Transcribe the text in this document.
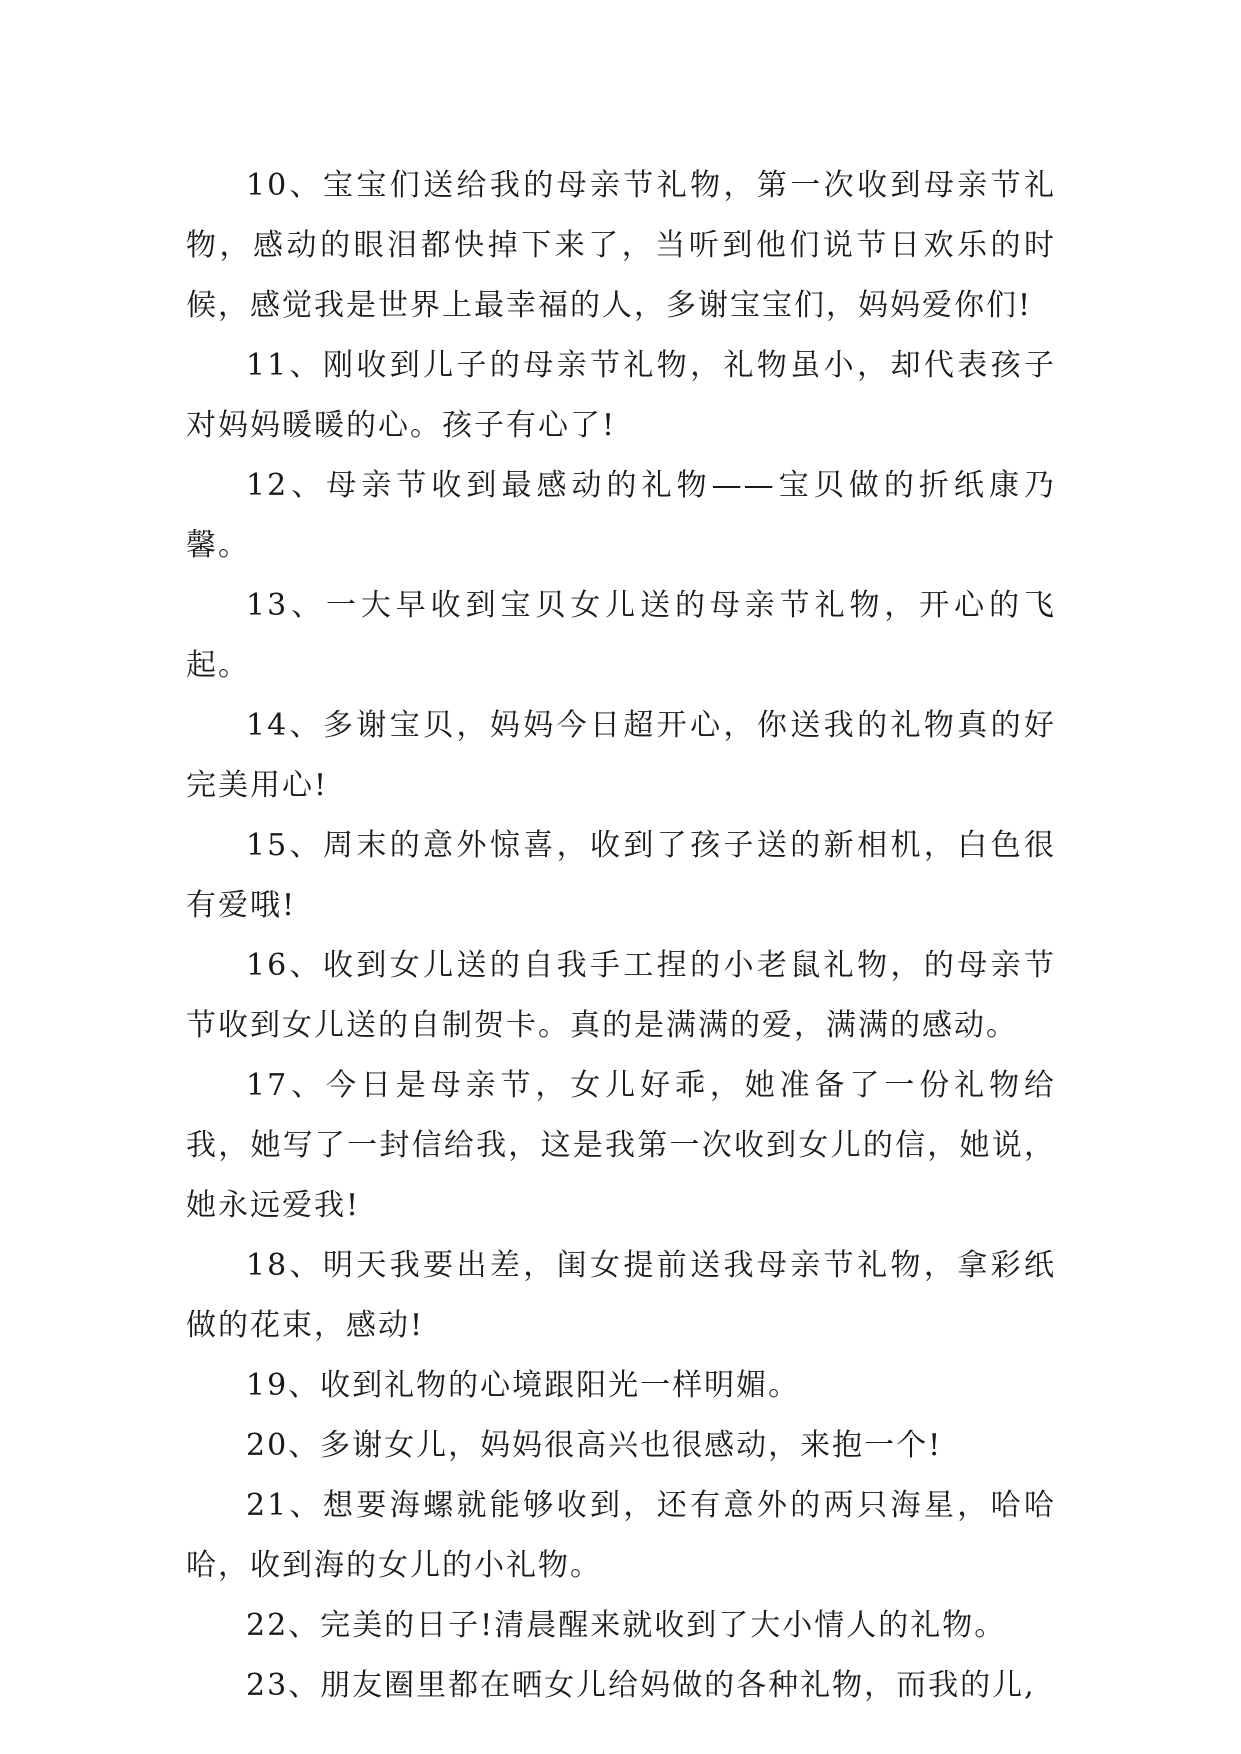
10、宝宝们送给我的母亲节礼物，第一次收到母亲节礼物，感动的眼泪都快掉下来了，当听到他们说节日欢乐的时候，感觉我是世界上最幸福的人，多谢宝宝们，妈妈爱你们!

11、刚收到儿子的母亲节礼物，礼物虽小，却代表孩子对妈妈暖暖的心。孩子有心了!

12、母亲节收到最感动的礼物——宝贝做的折纸康乃馨。

13、一大早收到宝贝女儿送的母亲节礼物，开心的飞起。

14、多谢宝贝，妈妈今日超开心，你送我的礼物真的好完美用心!

15、周末的意外惊喜，收到了孩子送的新相机，白色很有爱哦!

16、收到女儿送的自我手工捏的小老鼠礼物，的母亲节节收到女儿送的自制贺卡。真的是满满的爱，满满的感动。

17、今日是母亲节，女儿好乖，她准备了一份礼物给我，她写了一封信给我，这是我第一次收到女儿的信，她说，她永远爱我!

18、明天我要出差，闺女提前送我母亲节礼物，拿彩纸做的花束，感动!

19、收到礼物的心境跟阳光一样明媚。

20、多谢女儿，妈妈很高兴也很感动，来抱一个!

21、想要海螺就能够收到，还有意外的两只海星，哈哈哈，收到海的女儿的小礼物。

22、完美的日子!清晨醒来就收到了大小情人的礼物。

23、朋友圈里都在晒女儿给妈做的各种礼物，而我的儿,
